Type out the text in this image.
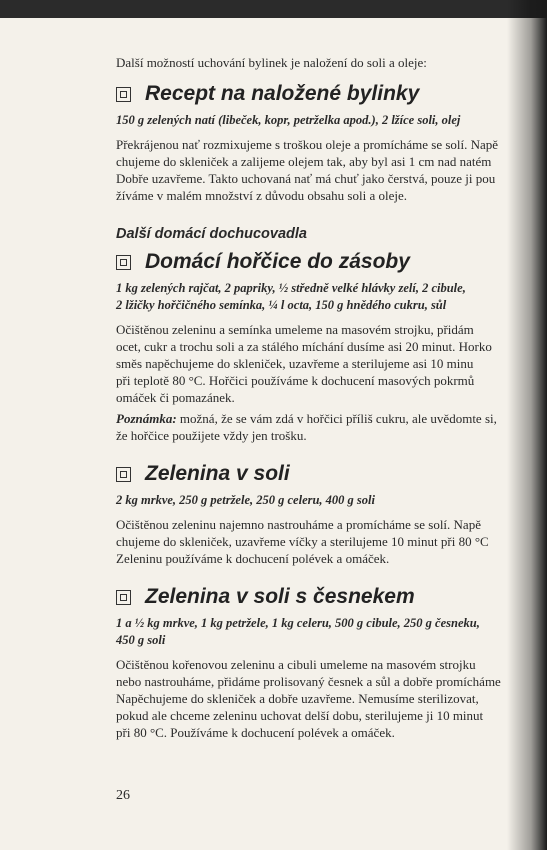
Další možností uchování bylinek je naložení do soli a oleje:

Recept na naložené bylinky

150 g zelených natí (libeček, kopr, petrželka apod.), 2 lžíce soli, olej

Překrájenou nať rozmixujeme s troškou oleje a promícháme se solí. Napě
chujeme do skleniček a zalijeme olejem tak, aby byl asi 1 cm nad natém
Dobře uzavřeme. Takto uchovaná nať má chuť jako čerstvá, pouze ji pou
žíváme v malém množství z důvodu obsahu soli a oleje.
Další domácí dochucovadla
Domácí hořčice do zásoby
1 kg zelených rajčat, 2 papriky, ½ středně velké hlávky zelí, 2 cibule,
2 lžičky hořčičného semínka, ¼ l octa, 150 g hnědého cukru, sůl
Očištěnou zeleninu a semínka umeleme na masovém strojku, přidám
ocet, cukr a trochu soli a za stálého míchání dusíme asi 20 minut. Horko
směs napěchujeme do skleniček, uzavřeme a sterilujeme asi 10 minu
při teplotě 80 °C. Hořčici používáme k dochucení masových pokrmů
omáček či pomazánek.
Poznámka: možná, že se vám zdá v hořčici příliš cukru, ale uvědomte si,
že hořčice použijete vždy jen trošku.
Zelenina v soli

2 kg mrkve, 250 g petržele, 250 g celeru, 400 g soli

Očištěnou zeleninu najemno nastrouháme a promícháme se solí. Napě
chujeme do skleniček, uzavřeme víčky a sterilujeme 10 minut při 80 °C
Zeleninu používáme k dochucení polévek a omáček.
Zelenina v soli s česnekem
1 a ½ kg mrkve, 1 kg petržele, 1 kg celeru, 500 g cibule, 250 g česneku,
450 g soli
Očištěnou kořenovou zeleninu a cibuli umeleme na masovém strojku
nebo nastrouháme, přidáme prolisovaný česnek a sůl a dobře promícháme
Napěchujeme do skleniček a dobře uzavřeme. Nemusíme sterilizovat,
pokud ale chceme zeleninu uchovat delší dobu, sterilujeme ji 10 minut
při 80 °C. Používáme k dochucení polévek a omáček.
26
